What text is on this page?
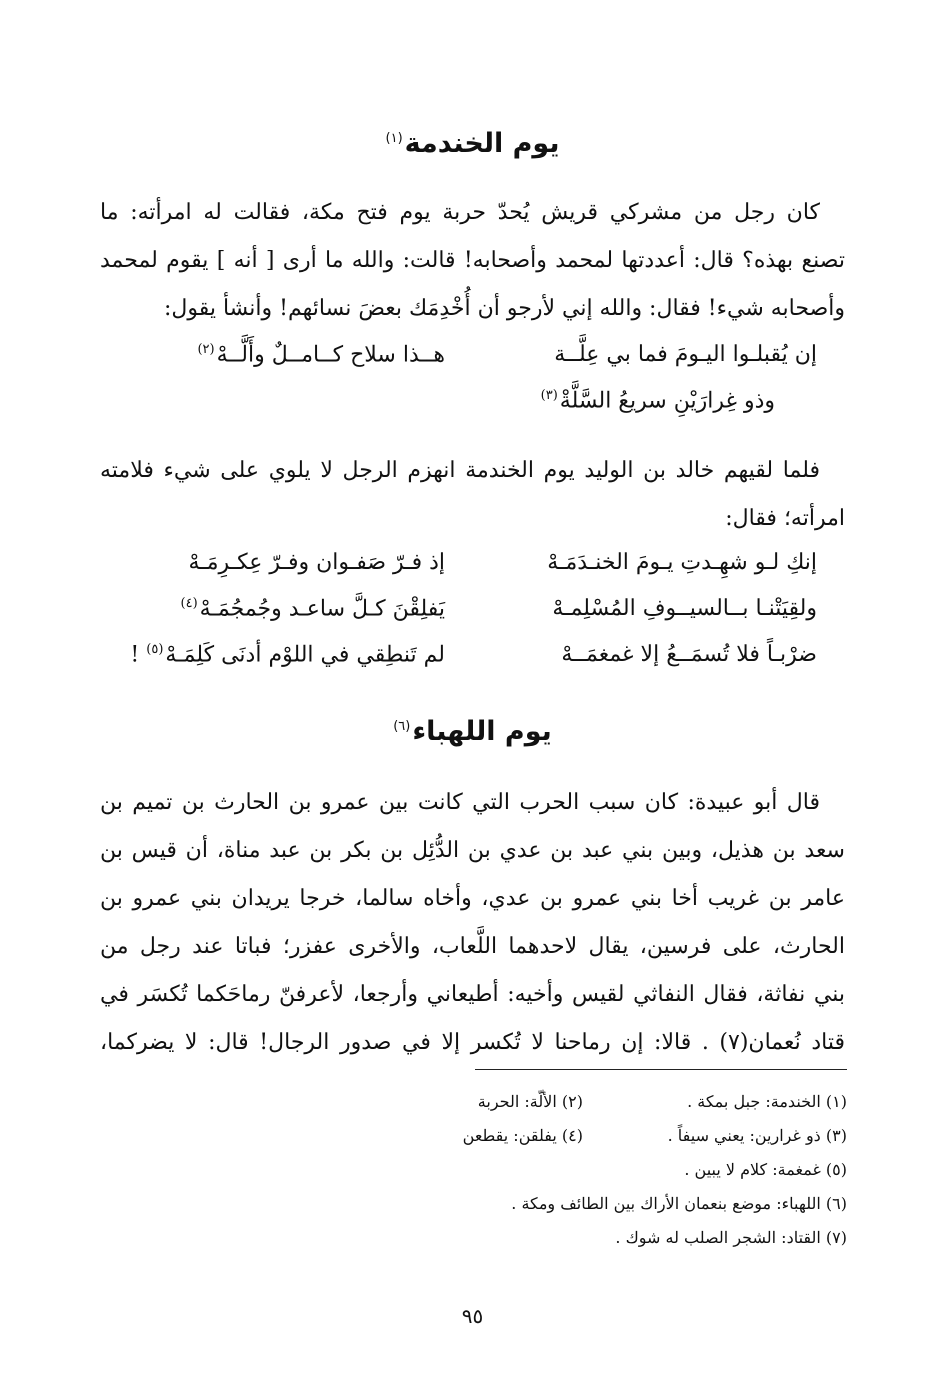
يوم الخندمة$^{(١)}$
كان رجل من مشركي قريش يُحدّ حربة يوم فتح مكة، فقالت له امرأته: ما
تصنع بهذه؟ قال: أعددتها لمحمد وأصحابه! قالت: والله ما أرى [ أنه ] يقوم لمحمد
وأصحابه شيء! فقال: والله إني لأرجو أن أُخْدِمَك بعضَ نسائهم! وأنشأ يقول:
إن يُقبلـوا اليـومَ فما بي عِلَّــة
هــذا سلاح كــامــلٌ وأَلَّــهْ$^{(٢)}$
وذو غِرارَيْنِ سريعُ السَّلَّةْ$^{(٣)}$
فلما لقيهم خالد بن الوليد يوم الخندمة انهزم الرجل لا يلوي على شيء فلامته
امرأته؛ فقال:
إنكِ لـو شهِـدتِ يـومَ الخنـدَمَـهْ
إذ فـرّ صَفـوان وفـرّ عِكـرِمَـهْ
ولقِيَتْنـا بــالسيــوفِ المُسْلِمـهْ
يَفلِقْنَ كـلَّ ساعـد وجُمجُمَـهْ$^{(٤)}$
ضرْبـاً فلا تُسمَــعُ إلا غمغمَــهْ
لم تَنطِقي في اللوْم أدنَى كَلِمَـهْ$^{(٥)}$ !
يوم اللهباء$^{(٦)}$
قال أبو عبيدة: كان سبب الحرب التي كانت بين عمرو بن الحارث بن تميم بن
سعد بن هذيل، وبين بني عبد بن عدي بن الدُّئِل بن بكر بن عبد مناة، أن قيس بن
عامر بن غريب أخا بني عمرو بن عدي، وأخاه سالما، خرجا يريدان بني عمرو بن
الحارث، على فرسين، يقال لاحدهما اللَّعاب، والأخرى عفزر؛ فباتا عند رجل من
بني نفاثة، فقال النفاثي لقيس وأخيه: أطيعاني وأرجعا، لأعرفنّ رماحَكما تُكسَر في
قتاد نُعمان(٧) . قالا: إن رماحنا لا تُكسر إلا في صدور الرجال! قال: لا يضركما،
(١) الخندمة: جبل بمكة .
(٢) الألّة: الحربة
(٣) ذو غرارين: يعني سيفاً .
(٤) يفلقن: يقطعن
(٥) غمغمة: كلام لا يبين .
(٦) اللهباء: موضع بنعمان الأراك بين الطائف ومكة .
(٧) القتاد: الشجر الصلب له شوك .
٩٥
